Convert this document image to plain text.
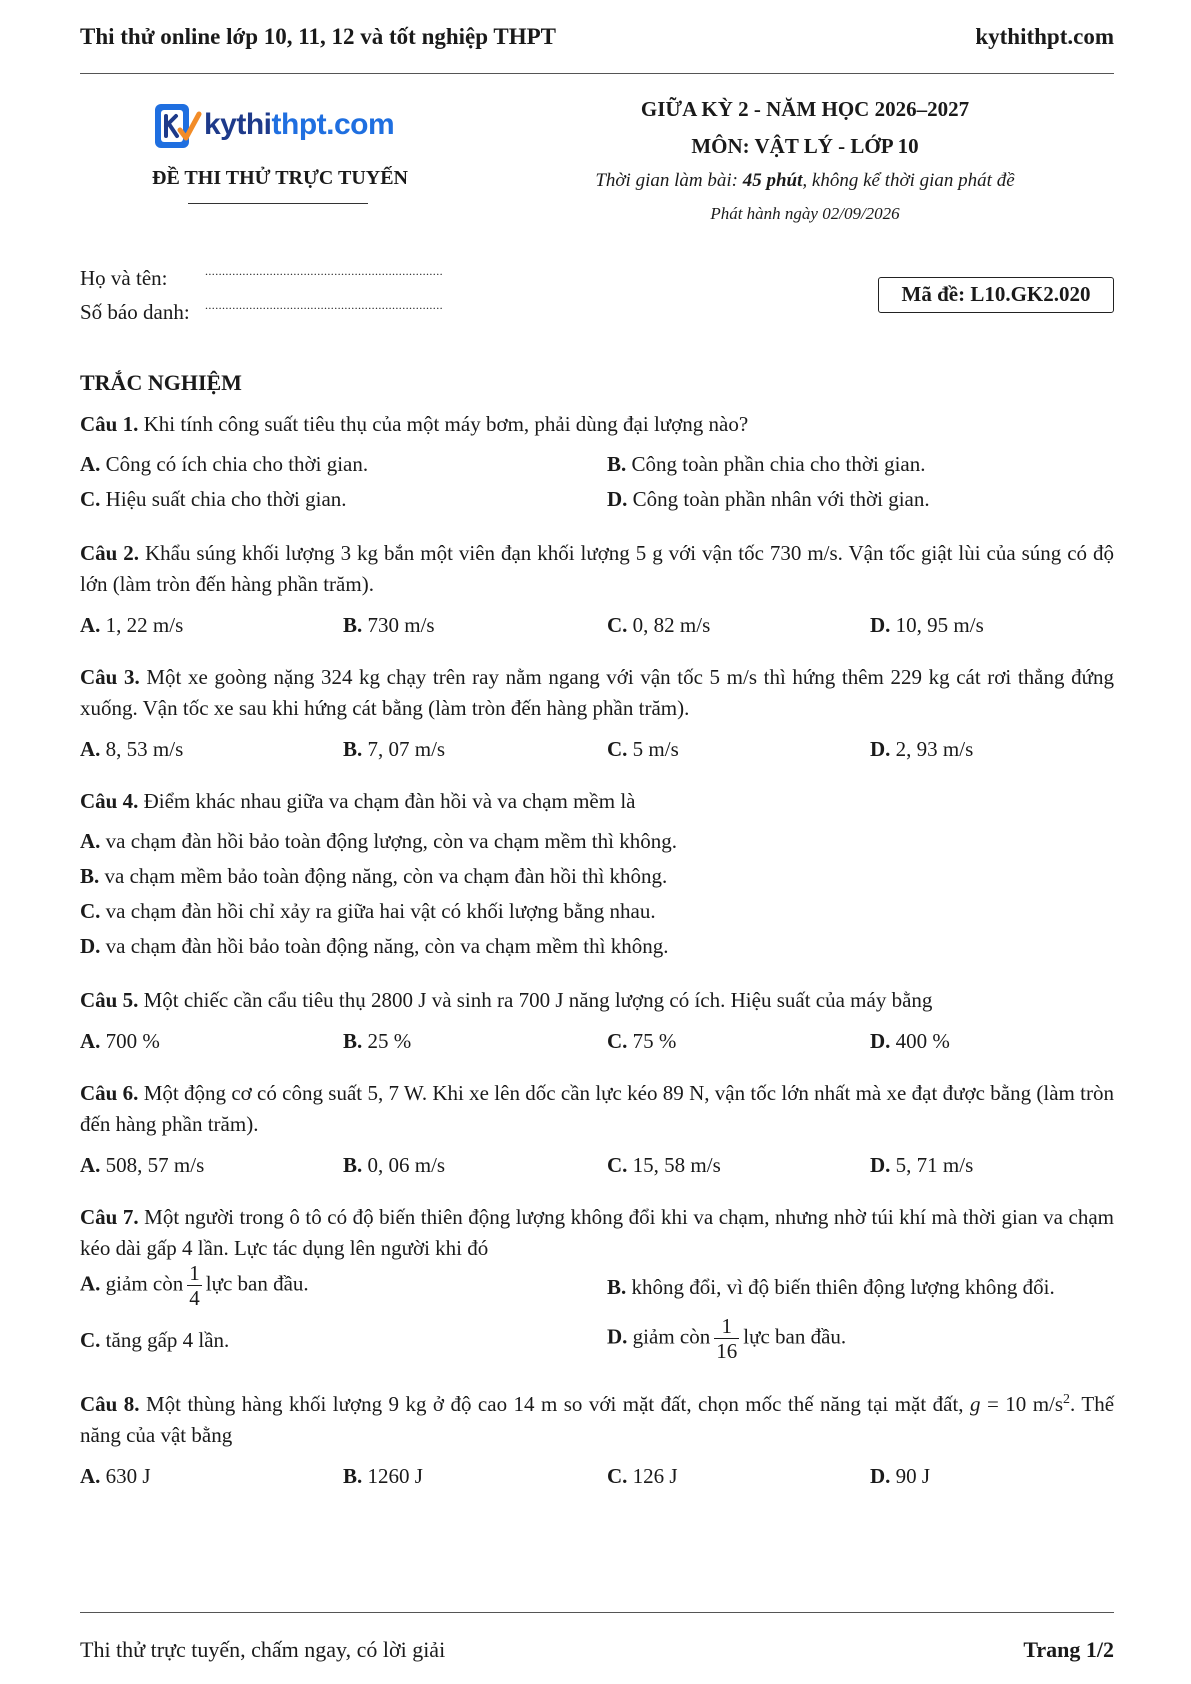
Thi thử online lớp 10, 11, 12 và tốt nghiệp THPT	kythithpt.com
kythithpt.com
ĐỀ THI THỬ TRỰC TUYẾN
GIỮA KỲ 2 - NĂM HỌC 2026–2027
MÔN: VẬT LÝ - LỚP 10
Thời gian làm bài: 45 phút, không kể thời gian phát đề
Phát hành ngày 02/09/2026
Họ và tên:	......................................................................
Số báo danh: ......................................................................	Mã đề: L10.GK2.020
TRẮC NGHIỆM
Câu 1. Khi tính công suất tiêu thụ của một máy bơm, phải dùng đại lượng nào?
A. Công có ích chia cho thời gian.	B. Công toàn phần chia cho thời gian.
C. Hiệu suất chia cho thời gian.	D. Công toàn phần nhân với thời gian.
Câu 2. Khẩu súng khối lượng 3 kg bắn một viên đạn khối lượng 5 g với vận tốc 730 m/s. Vận tốc giật lùi của súng có độ lớn (làm tròn đến hàng phần trăm).
A. 1, 22 m/s	B. 730 m/s	C. 0, 82 m/s	D. 10, 95 m/s
Câu 3. Một xe goòng nặng 324 kg chạy trên ray nằm ngang với vận tốc 5 m/s thì hứng thêm 229 kg cát rơi thẳng đứng xuống. Vận tốc xe sau khi hứng cát bằng (làm tròn đến hàng phần trăm).
A. 8, 53 m/s	B. 7, 07 m/s	C. 5 m/s	D. 2, 93 m/s
Câu 4. Điểm khác nhau giữa va chạm đàn hồi và va chạm mềm là
A. va chạm đàn hồi bảo toàn động lượng, còn va chạm mềm thì không.
B. va chạm mềm bảo toàn động năng, còn va chạm đàn hồi thì không.
C. va chạm đàn hồi chỉ xảy ra giữa hai vật có khối lượng bằng nhau.
D. va chạm đàn hồi bảo toàn động năng, còn va chạm mềm thì không.
Câu 5. Một chiếc cần cẩu tiêu thụ 2800 J và sinh ra 700 J năng lượng có ích. Hiệu suất của máy bằng
A. 700 %	B. 25 %	C. 75 %	D. 400 %
Câu 6. Một động cơ có công suất 5, 7 W. Khi xe lên dốc cần lực kéo 89 N, vận tốc lớn nhất mà xe đạt được bằng (làm tròn đến hàng phần trăm).
A. 508, 57 m/s	B. 0, 06 m/s	C. 15, 58 m/s	D. 5, 71 m/s
Câu 7. Một người trong ô tô có độ biến thiên động lượng không đổi khi va chạm, nhưng nhờ túi khí mà thời gian va chạm kéo dài gấp 4 lần. Lực tác dụng lên người khi đó
A. giảm còn $\frac{1}{4}$ lực ban đầu.	B. không đổi, vì độ biến thiên động lượng không đổi.
C. tăng gấp 4 lần.	D. giảm còn $\frac{1}{16}$ lực ban đầu.
Câu 8. Một thùng hàng khối lượng 9 kg ở độ cao 14 m so với mặt đất, chọn mốc thế năng tại mặt đất, g = 10 $m/s^2$. Thế năng của vật bằng
A. 630 J	B. 1260 J	C. 126 J	D. 90 J
Thi thử trực tuyến, chấm ngay, có lời giải	Trang 1/2
